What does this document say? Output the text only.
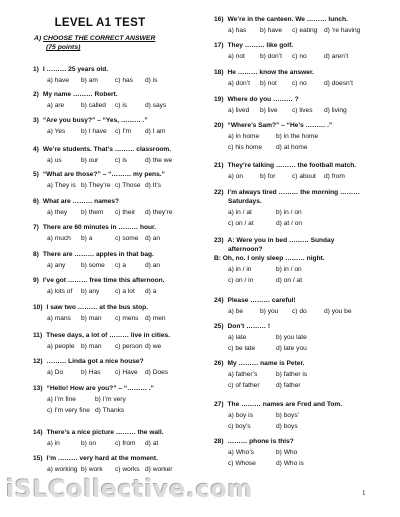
LEVEL A1 TEST
A) CHOOSE THE CORRECT ANSWER
(75 points)
1) I ……… 25 years old.
a) have b) am	c) has d) is
2) My name ……… Robert.
a) are	b) called c) is	d) says
3) “Are you busy?” – “Yes, ……… .”
a) Yes b) I have c) I’m d) I am
4) We’re students. That’s ……… classroom.
a) us	b) our	c) is	d) the we
5) “What are those?” – “……… my pens.”
a) They is b) They’re c) Those d) It’s
6) What are ……… names?
a) they b) them c) their d) they’re
7) There are 60 minutes in ……… hour.
a) much b) a	c) some d) an
8) There are ……… apples in that bag.
a) any b) some c) a	d) an
9) I’ve got ……… free time this afternoon.
a) lots of b) any c) a lot d) a
10) I saw two ……… at the bus stop.
a) mans b) man c) mens d) men
11) These days, a lot of ……… live in cities.
a) people b) man c) person d) we
12) ……… Linda got a nice house?
a) Do	b) Has c) Have d) Does
13) “Hello! How are you?” – “……… .”
a) I’m fine	b) I’m very
c) I’m very fine d) Thanks
14) There’s a nice picture ……… the wall.
a) in	b) on	c) from d) at
15) I’m ……… very hard at the moment.
a) working b) work c) works d) worker
16) We’re in the canteen. We ……… lunch.
a) has b) have c) eating d) ‘re having
17) They ……… like golf.
a) not b) don’t c) no	d) aren’t
18) He ……… know the answer.
a) don’t b) not c) no	d) doesn’t
19) Where do you ……… ?
a) lived b) live c) lives d) living
20) “Where’s Sam?” – “He’s ……… .”
a) in home	b) in the home
c) his home d) at home
21) They’re talking ……… the football match.
a) on	b) for	c) about d) from
22) I’m always tired ……… the morning ………
Saturdays.
a) in / at	b) in / on
c) on / at	d) at / on
23) A: Were you in bed ……… Sunday
afternoon?
B: Oh, no. I only sleep ……… night.
a) in / in	b) in / on
c) on / in	d) on / at
24) Please ……… careful!
a) be	b) you c) do	d) you be
25) Don’t ……… !
a) late	b) you late
c) be late	d) late you
26) My ……… name is Peter.
a) father’s	b) father is
c) of father d) father
27) The ……… names are Fred and Tom.
a) boy is	b) boys’
c) boy’s	d) boys
28) ……… phone is this?
a) Who’s	b) Who
c) Whose	d) Who is
iSLCollective.com	1
